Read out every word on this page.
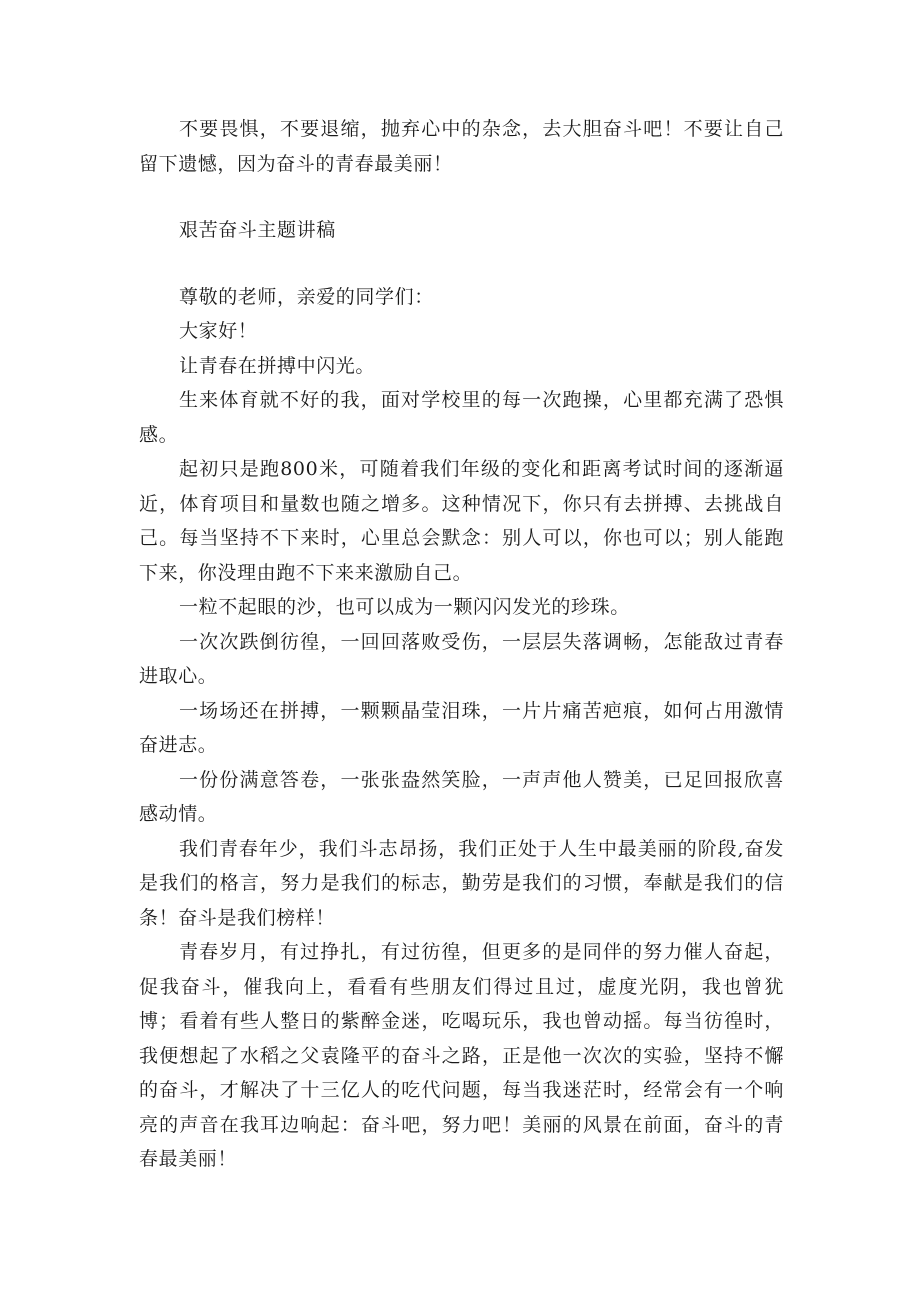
不要畏惧，不要退缩，抛弃心中的杂念，去大胆奋斗吧！不要让自己留下遗憾，因为奋斗的青春最美丽！

艰苦奋斗主题讲稿

尊敬的老师，亲爱的同学们：

大家好！

让青春在拼搏中闪光。

生来体育就不好的我，面对学校里的每一次跑操，心里都充满了恐惧感。

起初只是跑800米，可随着我们年级的变化和距离考试时间的逐渐逼近，体育项目和量数也随之增多。这种情况下，你只有去拼搏、去挑战自己。每当坚持不下来时，心里总会默念：别人可以，你也可以；别人能跑下来，你没理由跑不下来来激励自己。

一粒不起眼的沙，也可以成为一颗闪闪发光的珍珠。

一次次跌倒彷徨，一回回落败受伤，一层层失落调畅，怎能敌过青春进取心。

一场场还在拼搏，一颗颗晶莹泪珠，一片片痛苦疤痕，如何占用激情奋进志。

一份份满意答卷，一张张盎然笑脸，一声声他人赞美，已足回报欣喜感动情。

我们青春年少，我们斗志昂扬，我们正处于人生中最美丽的阶段,奋发是我们的格言，努力是我们的标志，勤劳是我们的习惯，奉献是我们的信条！奋斗是我们榜样！

青春岁月，有过挣扎，有过彷徨，但更多的是同伴的努力催人奋起，促我奋斗，催我向上，看看有些朋友们得过且过，虚度光阴，我也曾犹博；看着有些人整日的紫醉金迷，吃喝玩乐，我也曾动摇。每当彷徨时，我便想起了水稻之父袁隆平的奋斗之路，正是他一次次的实验，坚持不懈的奋斗，才解决了十三亿人的吃代问题，每当我迷茫时，经常会有一个响亮的声音在我耳边响起：奋斗吧，努力吧！美丽的风景在前面，奋斗的青春最美丽！
